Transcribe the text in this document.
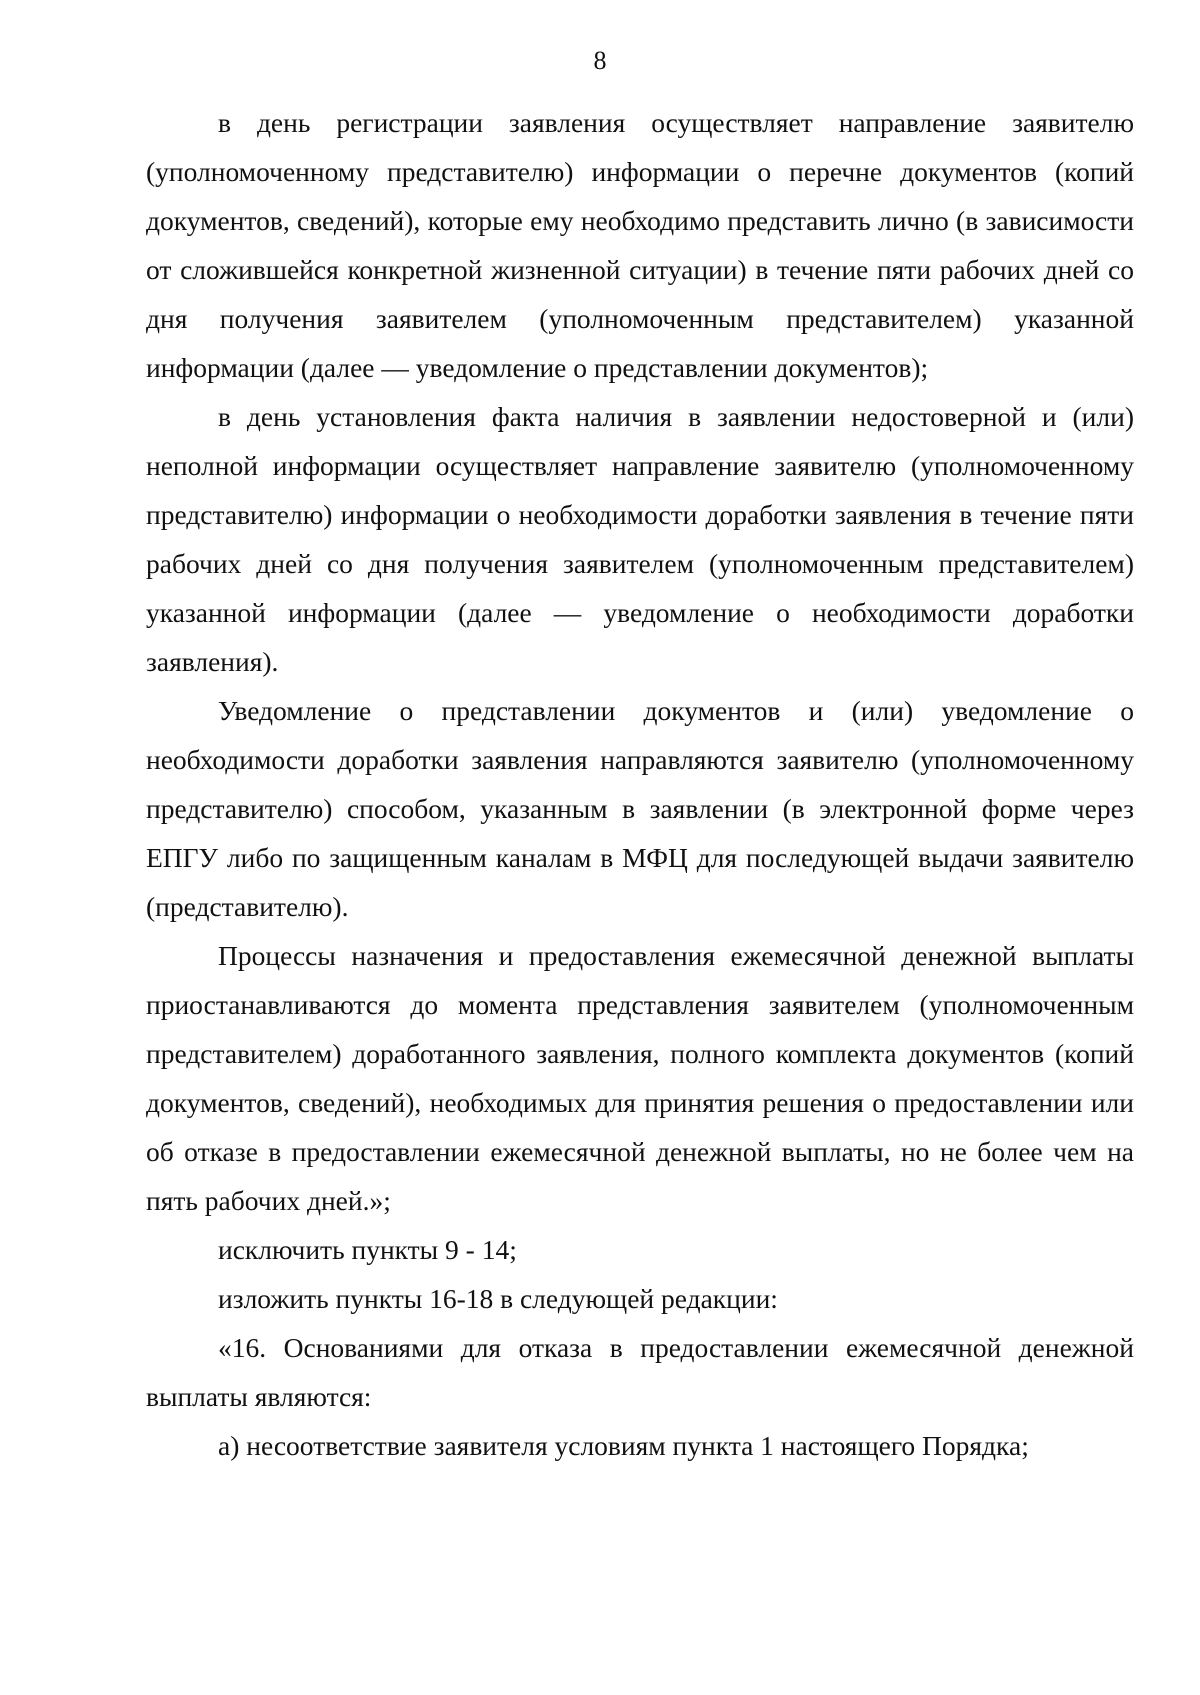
8

в день регистрации заявления осуществляет направление заявителю (уполномоченному представителю) информации о перечне документов (копий документов, сведений), которые ему необходимо представить лично (в зависимости от сложившейся конкретной жизненной ситуации) в течение пяти рабочих дней со дня получения заявителем (уполномоченным представителем) указанной информации (далее — уведомление о представлении документов);

в день установления факта наличия в заявлении недостоверной и (или) неполной информации осуществляет направление заявителю (уполномоченному представителю) информации о необходимости доработки заявления в течение пяти рабочих дней со дня получения заявителем (уполномоченным представителем) указанной информации (далее — уведомление о необходимости доработки заявления).

Уведомление о представлении документов и (или) уведомление о необходимости доработки заявления направляются заявителю (уполномоченному представителю) способом, указанным в заявлении (в электронной форме через ЕПГУ либо по защищенным каналам в МФЦ для последующей выдачи заявителю (представителю).

Процессы назначения и предоставления ежемесячной денежной выплаты приостанавливаются до момента представления заявителем (уполномоченным представителем) доработанного заявления, полного комплекта документов (копий документов, сведений), необходимых для принятия решения о предоставлении или об отказе в предоставлении ежемесячной денежной выплаты, но не более чем на пять рабочих дней.»;

исключить пункты 9 - 14;

изложить пункты 16-18 в следующей редакции:

«16. Основаниями для отказа в предоставлении ежемесячной денежной выплаты являются:

а) несоответствие заявителя условиям пункта 1 настоящего Порядка;
